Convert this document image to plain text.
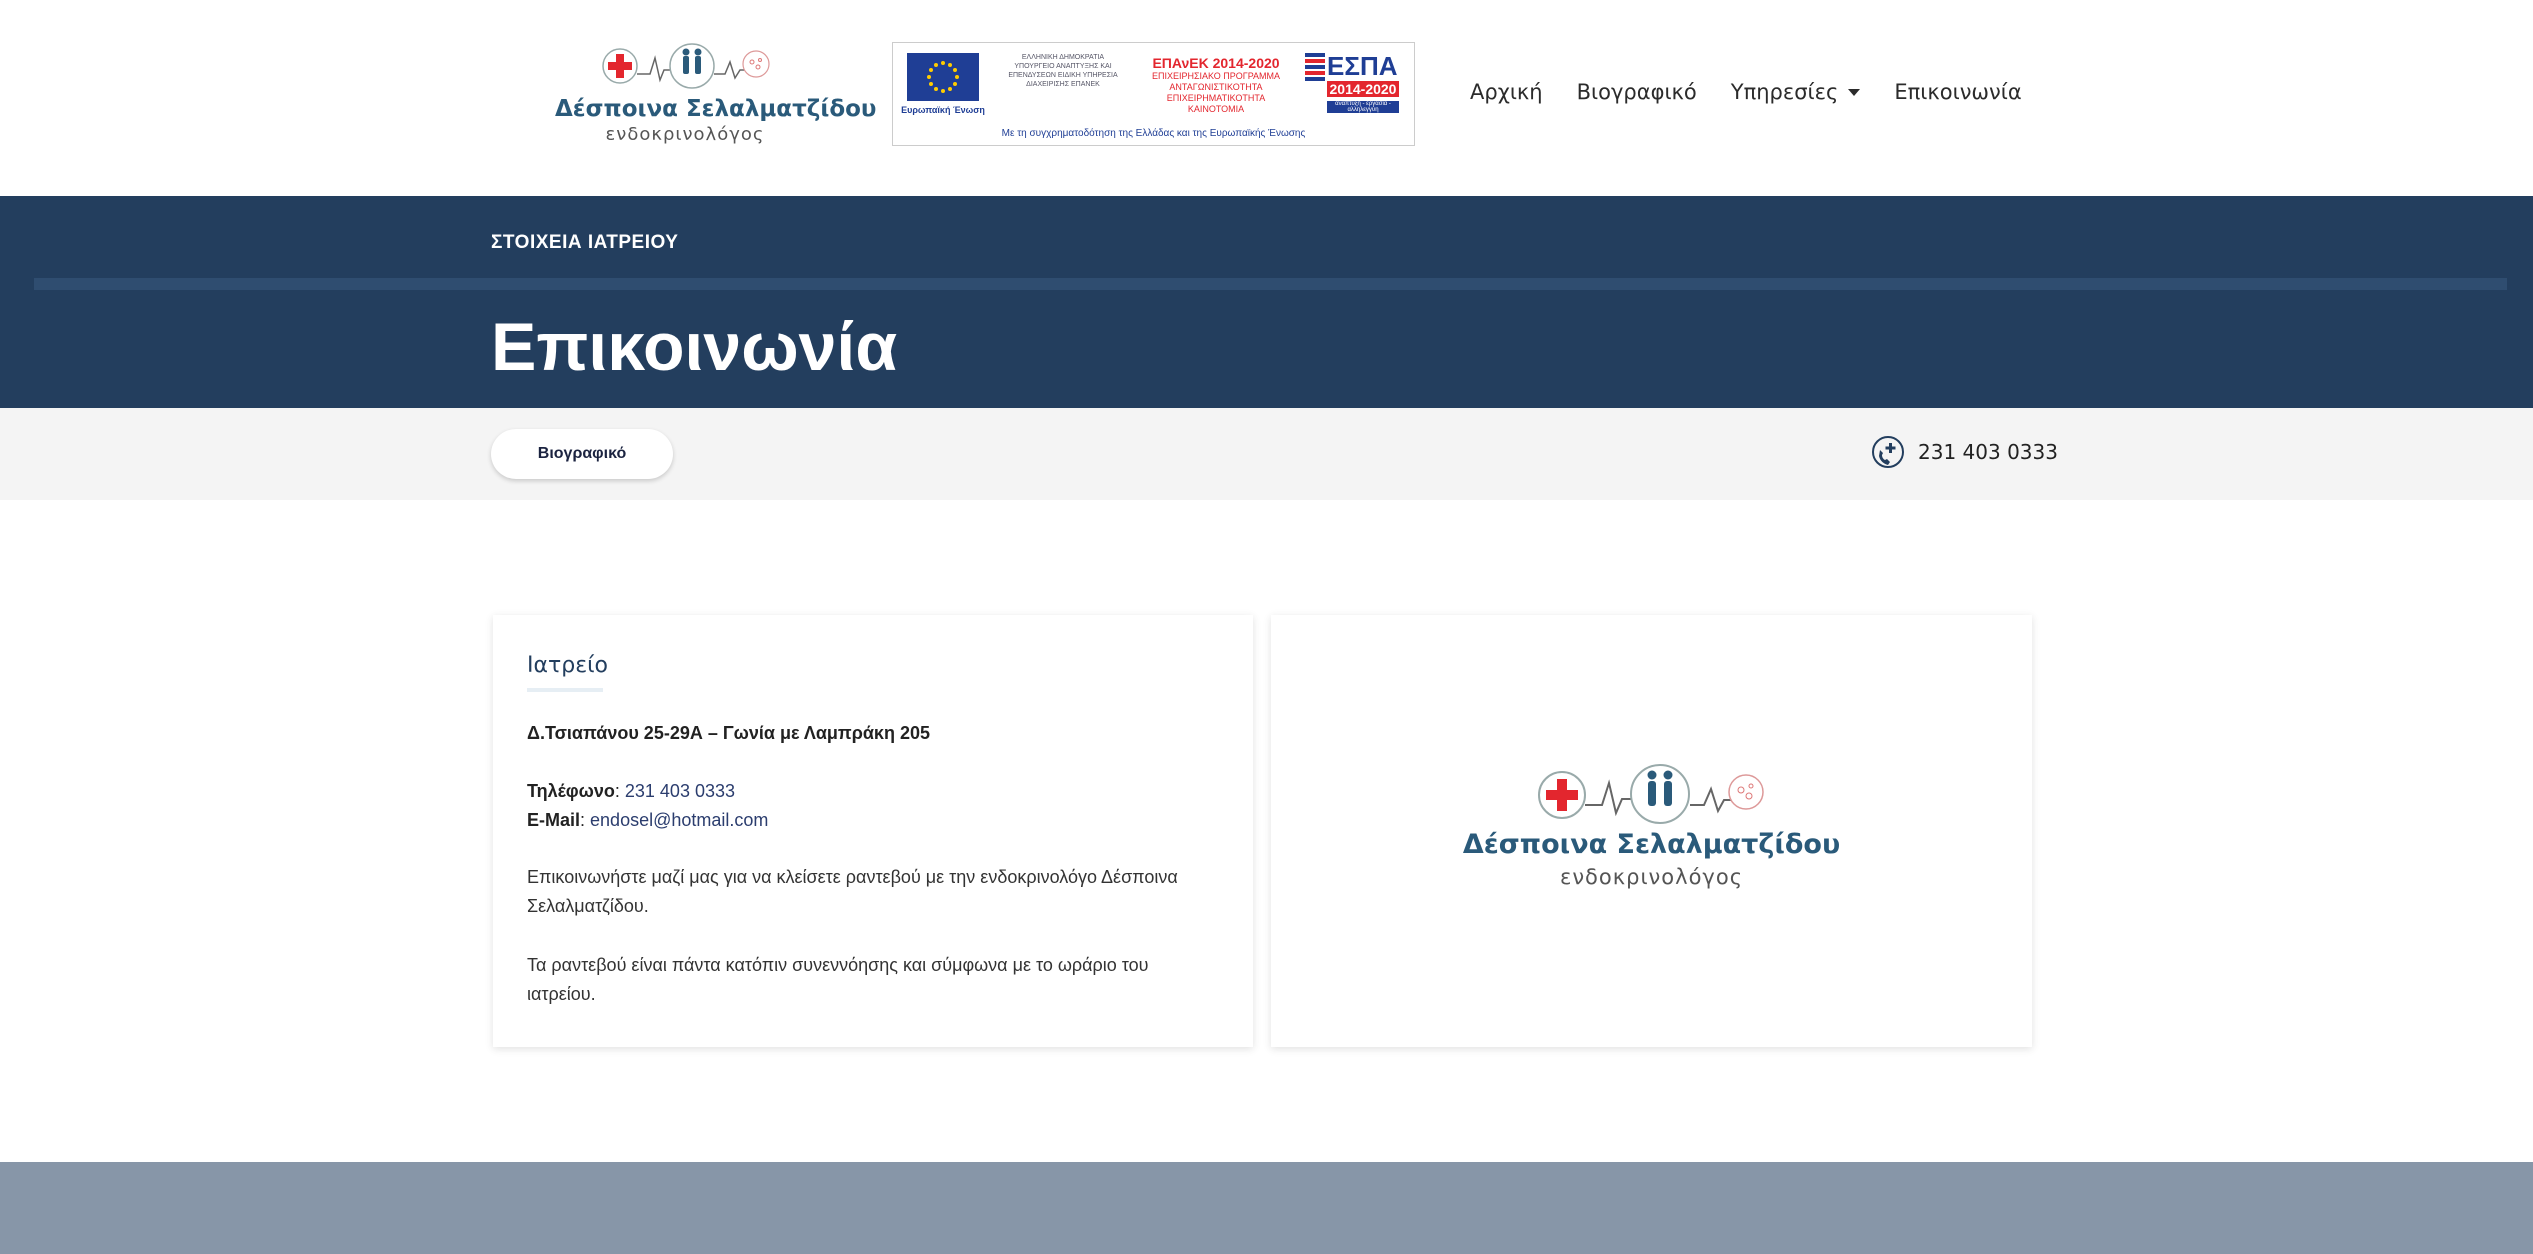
Δέσποινα Σελαλματζίδου
ενδοκρινολόγος
Ευρωπαϊκή Ένωση
ΕΛΛΗΝΙΚΗ ΔΗΜΟΚΡΑΤΙΑ ΥΠΟΥΡΓΕΙΟ ΑΝΑΠΤΥΞΗΣ ΚΑΙ ΕΠΕΝΔΥΣΕΩΝ ΕΙΔΙΚΗ ΥΠΗΡΕΣΙΑ ΔΙΑΧΕΙΡΙΣΗΣ ΕΠΑΝΕΚ
ΕΠΑνΕΚ 2014-2020
ΕΠΙΧΕΙΡΗΣΙΑΚΟ ΠΡΟΓΡΑΜΜΑ ΑΝΤΑΓΩΝΙΣΤΙΚΟΤΗΤΑ ΕΠΙΧΕΙΡΗΜΑΤΙΚΟΤΗΤΑ ΚΑΙΝΟΤΟΜΙΑ
ΕΣΠΑ
2014-2020
ανάπτυξη - εργασία - αλληλεγγύη
Με τη συγχρηματοδότηση της Ελλάδας και της Ευρωπαϊκής Ένωσης
Αρχική Βιογραφικό Υπηρεσίες	Επικοινωνία
ΣΤΟΙΧΕΙΑ ΙΑΤΡΕΙΟΥ
Επικοινωνία
Βιογραφικό	231 403 0333
Ιατρείο
Δ.Τσιαπάνου 25-29Α – Γωνία με Λαμπράκη 205
Τηλέφωνο: 231 403 0333
E-Mail: endosel@hotmail.com
Επικοινωνήστε μαζί μας για να κλείσετε ραντεβού με την ενδοκρινολόγο Δέσποινα Σελαλματζίδου.
Τα ραντεβού είναι πάντα κατόπιν συνεννόησης και σύμφωνα με το ωράριο του ιατρείου.
Δέσποινα Σελαλματζίδου
ενδοκρινολόγος
